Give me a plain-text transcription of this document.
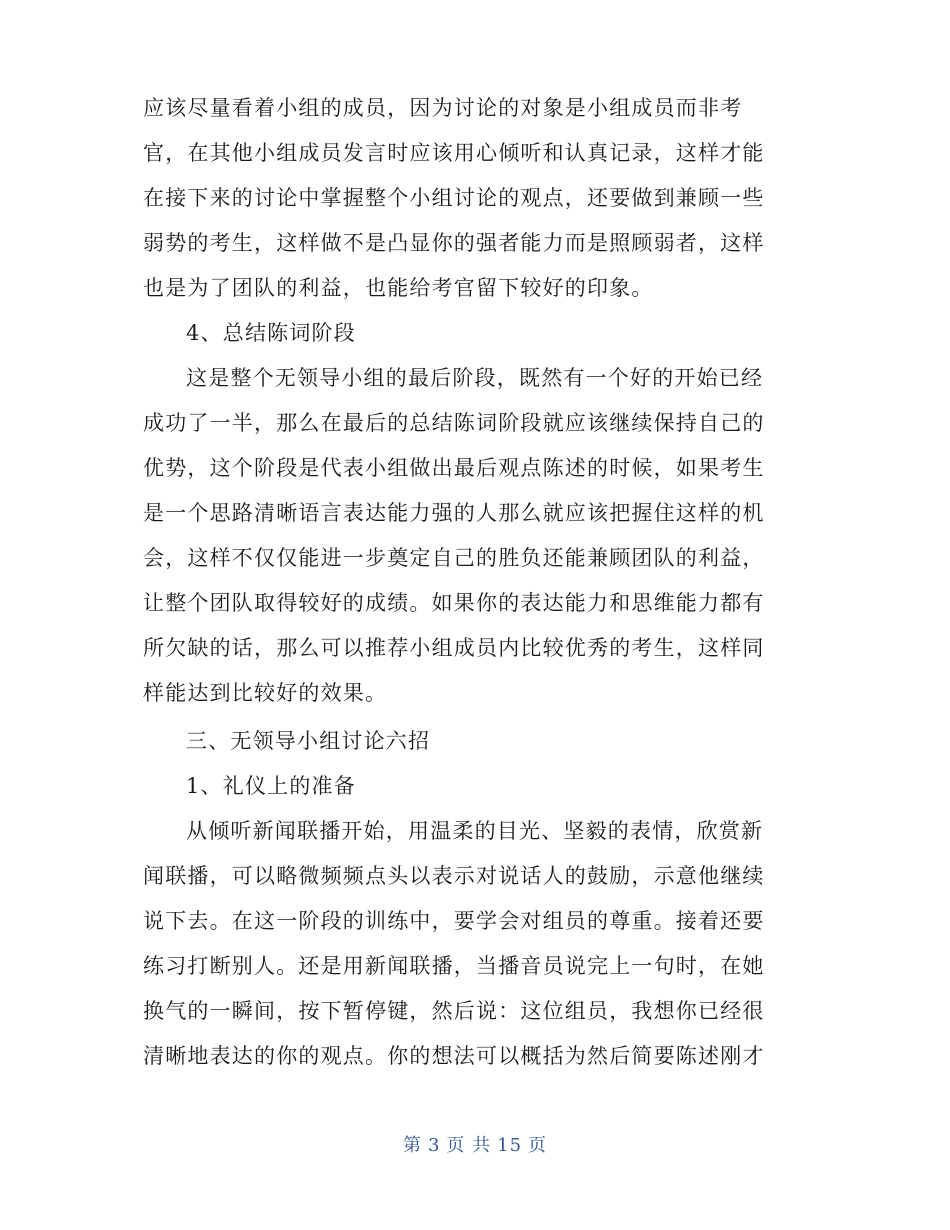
应该尽量看着小组的成员，因为讨论的对象是小组成员而非考
官，在其他小组成员发言时应该用心倾听和认真记录，这样才能
在接下来的讨论中掌握整个小组讨论的观点，还要做到兼顾一些
弱势的考生，这样做不是凸显你的强者能力而是照顾弱者，这样
也是为了团队的利益，也能给考官留下较好的印象。
4、总结陈词阶段
这是整个无领导小组的最后阶段，既然有一个好的开始已经
成功了一半，那么在最后的总结陈词阶段就应该继续保持自己的
优势，这个阶段是代表小组做出最后观点陈述的时候，如果考生
是一个思路清晰语言表达能力强的人那么就应该把握住这样的机
会，这样不仅仅能进一步奠定自己的胜负还能兼顾团队的利益，
让整个团队取得较好的成绩。如果你的表达能力和思维能力都有
所欠缺的话，那么可以推荐小组成员内比较优秀的考生，这样同
样能达到比较好的效果。
三、无领导小组讨论六招
1、礼仪上的准备
从倾听新闻联播开始，用温柔的目光、坚毅的表情，欣赏新
闻联播，可以略微频频点头以表示对说话人的鼓励，示意他继续
说下去。在这一阶段的训练中，要学会对组员的尊重。接着还要
练习打断别人。还是用新闻联播，当播音员说完上一句时，在她
换气的一瞬间，按下暂停键，然后说：这位组员，我想你已经很
清晰地表达的你的观点。你的想法可以概括为然后简要陈述刚才
第 3 页 共 15 页
